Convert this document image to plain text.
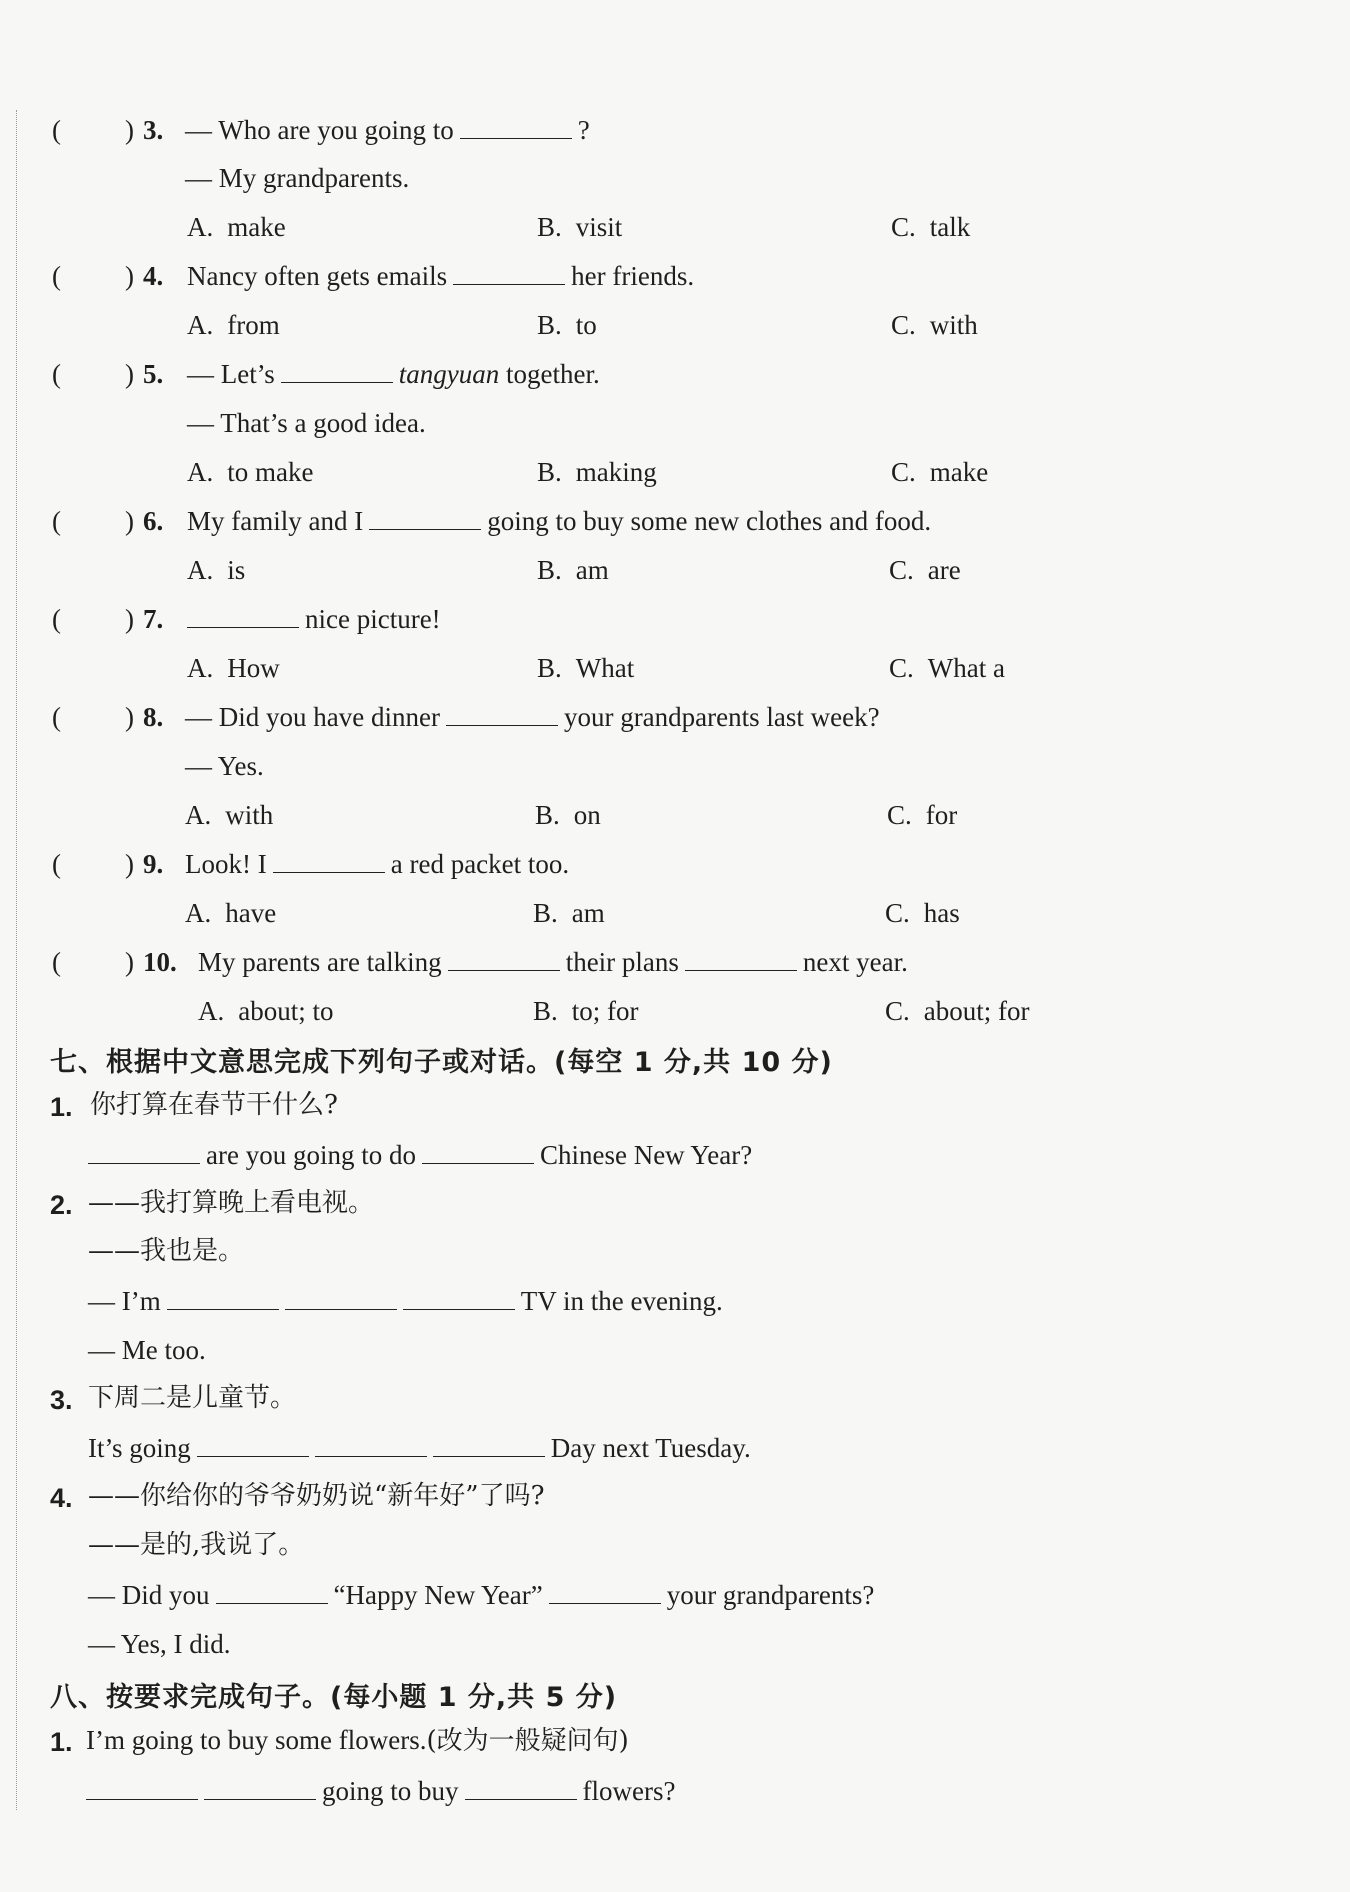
( ) 3. — Who are you going to	?
— My grandparents.
A. make	B. visit	C. talk
( ) 4. Nancy often gets emails	her friends.
A. from	B. to	C. with
( ) 5. — Let’s	tangyuan together.
— That’s a good idea.
A. to make	B. making	C. make
( ) 6. My family and I	going to buy some new clothes and food.
A. is	B. am	C. are
( ) 7.	nice picture!
A. How	B. What	C. What a
( ) 8. — Did you have dinner	your grandparents last week?
— Yes.
A. with	B. on	C. for
( ) 9. Look! I	a red packet too.
A. have	B. am	C. has
( ) 10. My parents are talking	their plans	next year.
A. about; to	B. to; for	C. about; for
七、根据中文意思完成下列句子或对话。(每空 1 分,共 10 分)
1. 你打算在春节干什么?
are you going to do	Chinese New Year?
2. ——我打算晚上看电视。
——我也是。
— I’m	TV in the evening.
— Me too.
3. 下周二是儿童节。
It’s going	Day next Tuesday.
4. ——你给你的爷爷奶奶说“新年好”了吗?
——是的,我说了。
— Did you	“Happy New Year”	your grandparents?
— Yes, I did.
八、按要求完成句子。(每小题 1 分,共 5 分)
1. I’m going to buy some flowers.(改为一般疑问句)
going to buy	flowers?
